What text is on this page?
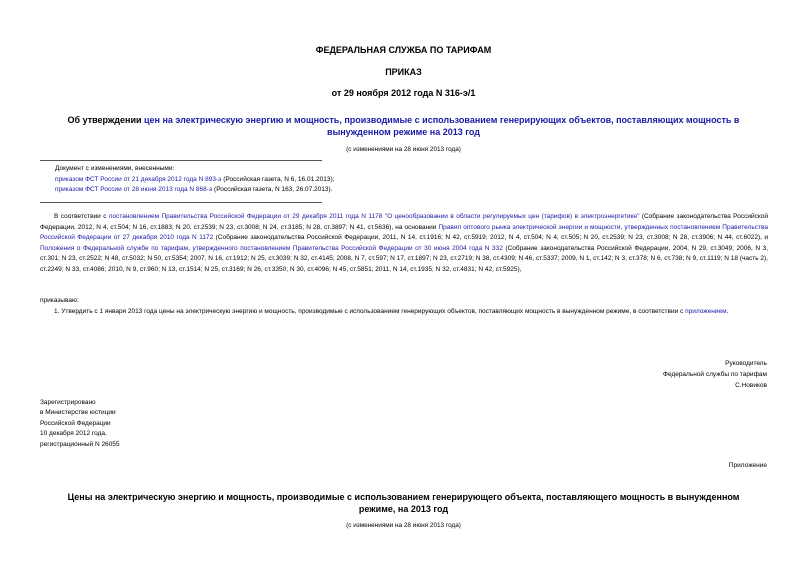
ФЕДЕРАЛЬНАЯ СЛУЖБА ПО ТАРИФАМ
ПРИКАЗ
от 29 ноября 2012 года N 316-э/1
Об утверждении цен на электрическую энергию и мощность, производимые с использованием генерирующих объектов, поставляющих мощность в вынужденном режиме на 2013 год
(с изменениями на 28 июня 2013 года)
Документ с изменениями, внесенными:
приказом ФСТ России от 21 декабря 2012 года N 893-э (Российская газета, N 6, 16.01.2013);
приказом ФСТ России от 28 июня 2013 года N 868-э (Российская газета, N 163, 26.07.2013).
В соответствии с постановлением Правительства Российской Федерации от 29 декабря 2011 года N 1178 "О ценообразовании в области регулируемых цен (тарифов) в электроэнергетике" (Собрание законодательства Российской Федерации, 2012, N 4, ст.504; N 16, ст.1883; N 20, ст.2539; N 23, ст.3008; N 24, ст.3185; N 28, ст.3897; N 41, ст.5636), на основании Правил оптового рынка электрической энергии и мощности, утвержденных постановлением Правительства Российской Федерации от 27 декабря 2010 года N 1172 (Собрание законодательства Российской Федерации, 2011, N 14, ст.1916; N 42, ст.5919; 2012, N 4, ст.504; N 4, ст.505; N 20, ст.2539; N 23, ст.3008; N 28, ст.3906; N 44, ст.6022), и Положения о Федеральной службе по тарифам, утвержденного постановлением Правительства Российской Федерации от 30 июня 2004 года N 332 (Собрание законодательства Российской Федерации, 2004, N 29, ст.3049; 2006, N 3, ст.301; N 23, ст.2522; N 48, ст.5032; N 50, ст.5354; 2007, N 16, ст.1912; N 25, ст.3039; N 32, ст.4145; 2008, N 7, ст.597; N 17, ст.1897; N 23, ст.2719; N 38, ст.4309; N 46, ст.5337; 2009, N 1, ст.142; N 3, ст.378; N 6, ст.738; N 9, ст.1119; N 18 (часть 2), ст.2249; N 33, ст.4086; 2010, N 9, ст.960; N 13, ст.1514; N 25, ст.3169; N 26, ст.3350; N 30, ст.4096; N 45, ст.5851; 2011, N 14, ст.1935; N 32, ст.4831; N 42, ст.5925),
приказываю:
1. Утвердить с 1 января 2013 года цены на электрическую энергию и мощность, производимые с использованием генерирующих объектов, поставляющих мощность в вынужденном режиме, в соответствии с приложением.
Руководитель
Федеральной службы по тарифам
С.Новиков
Зарегистрировано
в Министерстве юстиции
Российской Федерации
10 декабря 2012 года,
регистрационный N 26055
Приложение
Цены на электрическую энергию и мощность, производимые с использованием генерирующего объекта, поставляющего мощность в вынужденном режиме, на 2013 год
(с изменениями на 28 июня 2013 года)
